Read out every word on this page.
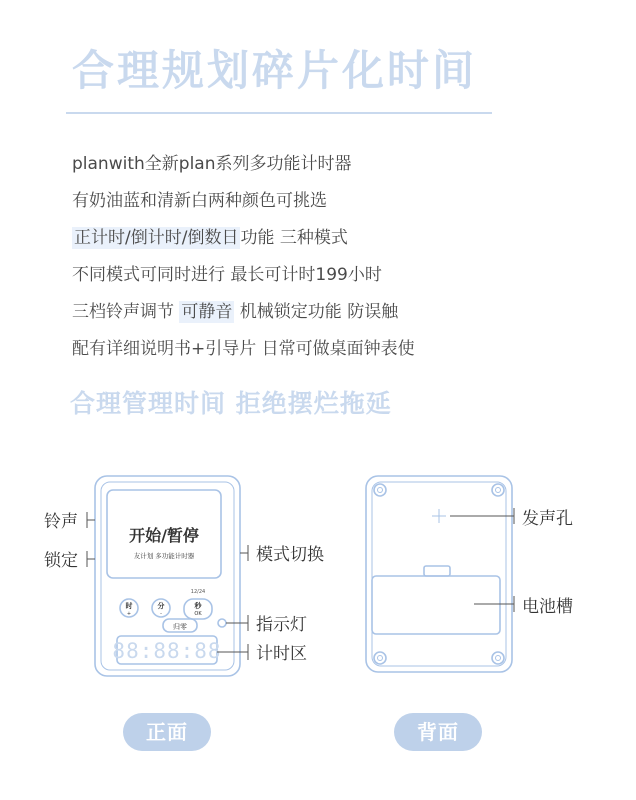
合理规划碎片化时间
planwith全新plan系列多功能计时器
有奶油蓝和清新白两种颜色可挑选
正计时/倒计时/倒数日 功能 三种模式
不同模式可同时进行 最长可计时199小时
三档铃声调节 可静音 机械锁定功能 防误触
配有详细说明书+引导片 日常可做桌面钟表使
合理管理时间 拒绝摆烂拖延
开始/暂停
友计划 多功能计时器
12/24
时
+
分
-
秒
OK
归零
88:88:88
铃声
锁定	模式切换
指示灯
计时区
发声孔
电池槽
正面	背面
